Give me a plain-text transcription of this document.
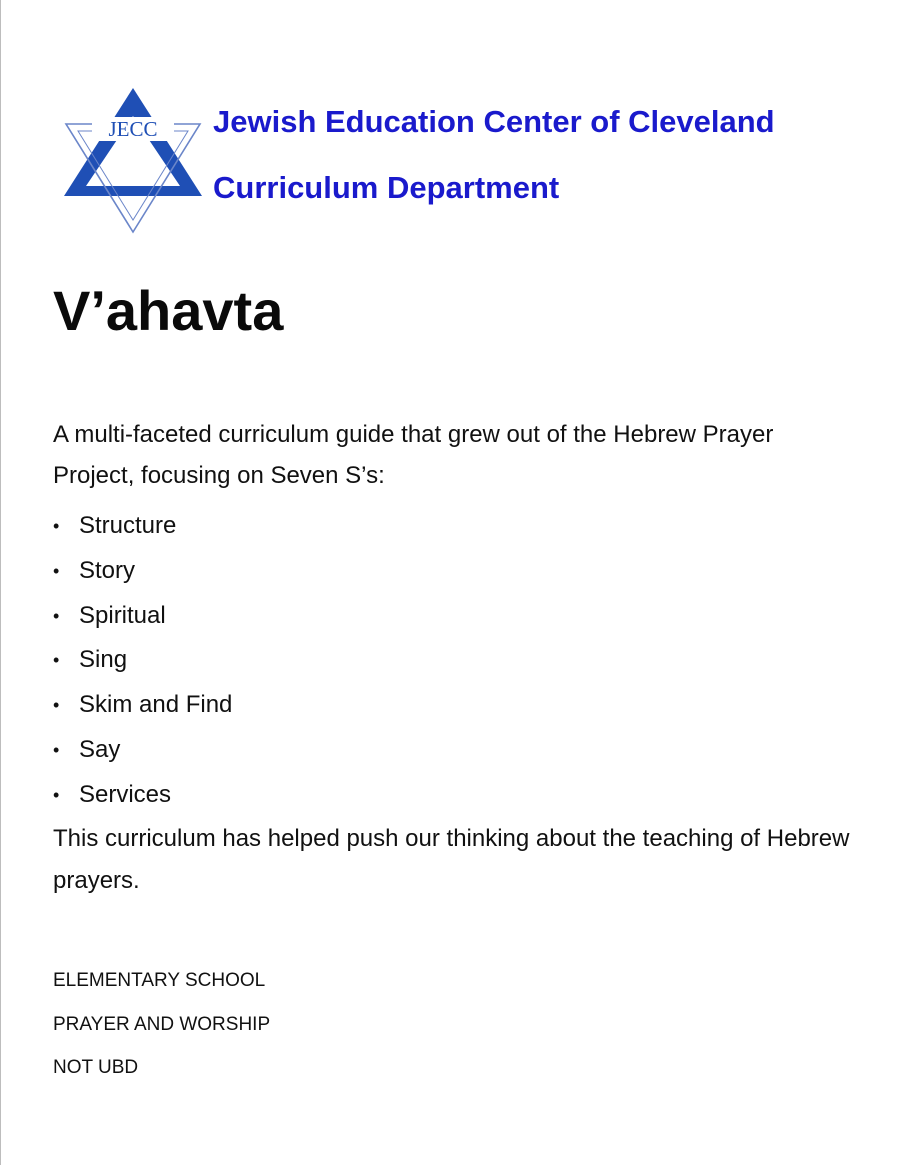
JECC Jewish Education Center of Cleveland
Curriculum Department
V’ahavta

A multi-faceted curriculum guide that grew out of the Hebrew Prayer Project, focusing on Seven S’s:

• Structure
• Story
• Spiritual
• Sing
• Skim and Find
• Say
• Services

This curriculum has helped push our thinking about the teaching of Hebrew prayers.

ELEMENTARY SCHOOL
PRAYER AND WORSHIP
NOT UBD
